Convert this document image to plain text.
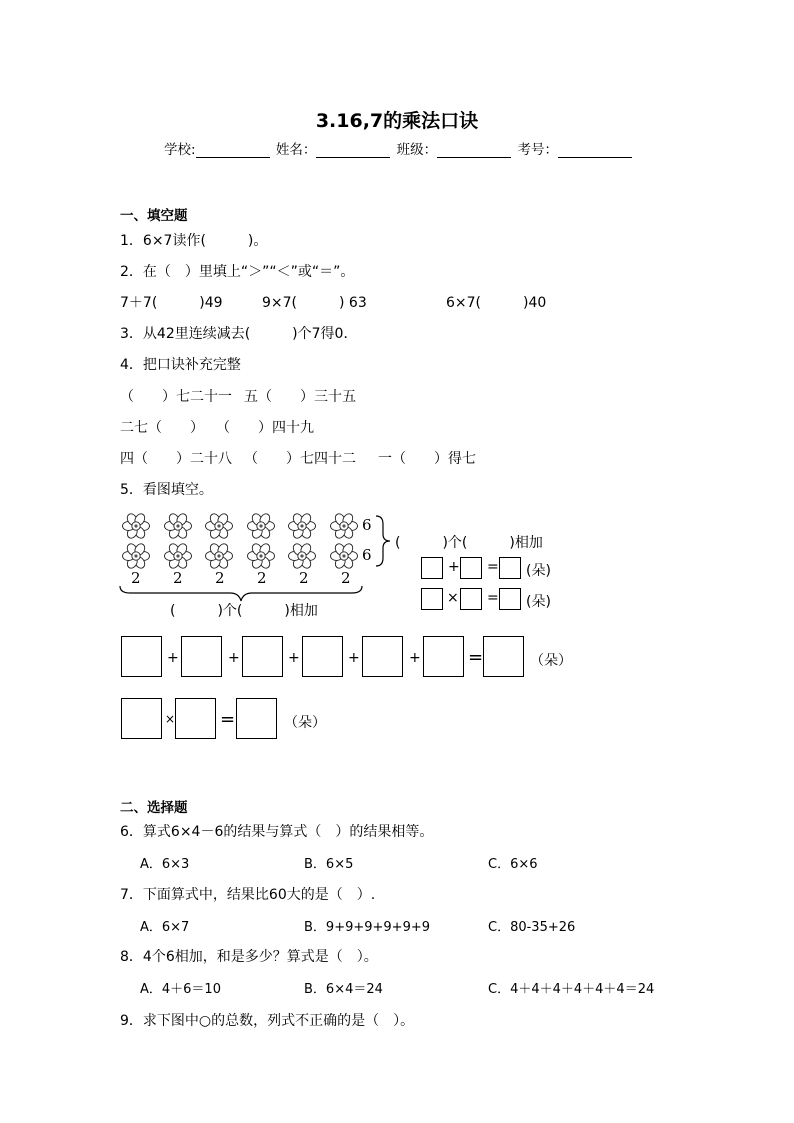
3.16,7的乘法口诀
学校:	姓名：	班级：	考号：
一、填空题
1．6×7读作(　　　)。
2．在（　）里填上“＞”“＜”或“＝”。
7＋7(　　　)49	9×7(　　　) 63	6×7(　　　)40
3．从42里连续减去(　　　)个7得0．
4．把口诀补充完整
（　　）七二十一 五（　　）三十五
二七（　　） （　　）四十九
四（　　）二十八 （　　）七四十二 一（　　）得七
5．看图填空。
6
6
2 2 2 2 2 2
(　　　)个(　　　)相加
(　　　)个(　　　)相加
+ = (朵)
× = (朵)
+	+	+	+	+	=	（朵）
× =	（朵）
二、选择题
6．算式6×4－6的结果与算式（　）的结果相等。
A．6×3	B．6×5	C．6×6
7．下面算式中，结果比60大的是（　）.
A．6×7	B．9+9+9+9+9+9	C．80-35+26
8．4个6相加，和是多少？算式是（　）。
A．4＋6＝10	B．6×4＝24	C．4＋4＋4＋4＋4＋4＝24
9．求下图中○的总数，列式不正确的是（　）。
